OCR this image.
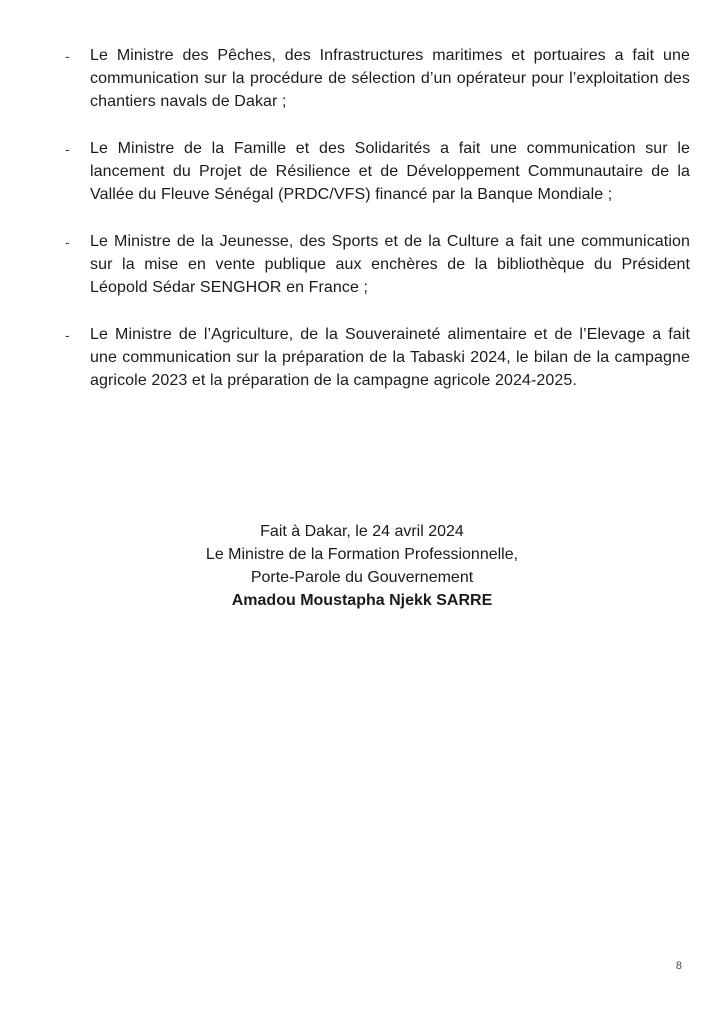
- Le Ministre des Pêches, des Infrastructures maritimes et portuaires a fait une communication sur la procédure de sélection d’un opérateur pour l’exploitation des chantiers navals de Dakar ;

- Le Ministre de la Famille et des Solidarités a fait une communication sur le lancement du Projet de Résilience et de Développement Communautaire de la Vallée du Fleuve Sénégal (PRDC/VFS) financé par la Banque Mondiale ;

- Le Ministre de la Jeunesse, des Sports et de la Culture a fait une communication sur la mise en vente publique aux enchères de la bibliothèque du Président Léopold Sédar SENGHOR en France ;

- Le Ministre de l’Agriculture, de la Souveraineté alimentaire et de l’Elevage a fait une communication sur la préparation de la Tabaski 2024, le bilan de la campagne agricole 2023 et la préparation de la campagne agricole 2024-2025.

Fait à Dakar, le 24 avril 2024

Le Ministre de la Formation Professionnelle,

Porte-Parole du Gouvernement

Amadou Moustapha Njekk SARRE

8
